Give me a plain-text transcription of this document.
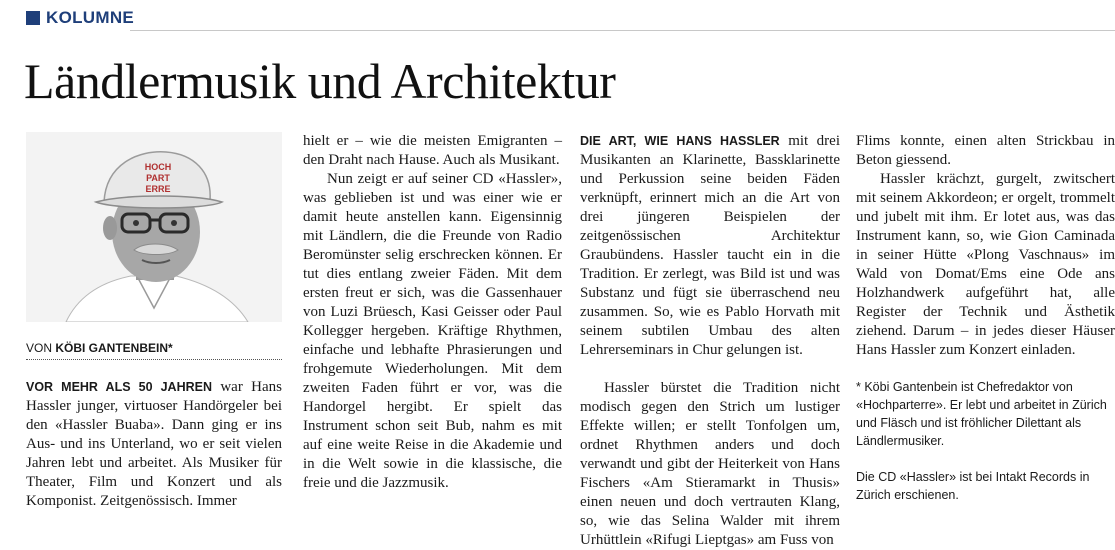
KOLUMNE
Ländlermusik und Architektur
HOCH
PART
ERRE
VON KÖBI GANTENBEIN*

VOR MEHR ALS 50 JAHREN war Hans Hassler junger, virtuoser Handörgeler bei den «Hassler Buaba». Dann ging er ins Aus- und ins Unterland, wo er seit vielen Jahren lebt und arbeitet. Als Musiker für Theater, Film und Konzert und als Komponist. Zeitgenössisch. Immer

hielt er – wie die meisten Emigranten – den Draht nach Hause. Auch als Musikant.

Nun zeigt er auf seiner CD «Hassler», was geblieben ist und was einer wie er damit heute anstellen kann. Eigensinnig mit Ländlern, die die Freunde von Radio Beromünster selig erschrecken können. Er tut dies entlang zweier Fäden. Mit dem ersten freut er sich, was die Gassenhauer von Luzi Brüesch, Kasi Geisser oder Paul Kollegger hergeben. Kräftige Rhythmen, einfache und lebhafte Phrasierungen und frohgemute Wiederholungen. Mit dem zweiten Faden führt er vor, was die Handorgel hergibt. Er spielt das Instrument schon seit Bub, nahm es mit auf eine weite Reise in die Akademie und in die Welt sowie in die klassische, die freie und die Jazzmusik.

DIE ART, WIE HANS HASSLER mit drei Musikanten an Klarinette, Bassklarinette und Perkussion seine beiden Fäden verknüpft, erinnert mich an die Art von drei jüngeren Beispielen der zeitgenössischen Architektur Graubündens. Hassler taucht ein in die Tradition. Er zerlegt, was Bild ist und was Substanz und fügt sie überraschend neu zusammen. So, wie es Pablo Horvath mit seinem subtilen Umbau des alten Lehrerseminars in Chur gelungen ist.

Hassler bürstet die Tradition nicht modisch gegen den Strich um lustiger Effekte willen; er stellt Tonfolgen um, ordnet Rhythmen anders und doch verwandt und gibt der Heiterkeit von Hans Fischers «Am Stieramarkt in Thusis» einen neuen und doch vertrauten Klang, so, wie das Selina Walder mit ihrem Urhüttlein «Rifugi Lieptgas» am Fuss von

Flims konnte, einen alten Strickbau in Beton giessend.

Hassler krächzt, gurgelt, zwitschert mit seinem Akkordeon; er orgelt, trommelt und jubelt mit ihm. Er lotet aus, was das Instrument kann, so, wie Gion Caminada in seiner Hütte «Plong Vaschnaus» im Wald von Domat/Ems eine Ode ans Holzhandwerk aufgeführt hat, alle Register der Technik und Ästhetik ziehend. Darum – in jedes dieser Häuser Hans Hassler zum Konzert einladen.

* Köbi Gantenbein ist Chefredaktor von «Hochparterre». Er lebt und arbeitet in Zürich und Fläsch und ist fröhlicher Dilettant als Ländlermusiker.

Die CD «Hassler» ist bei Intakt Records in Zürich erschienen.
